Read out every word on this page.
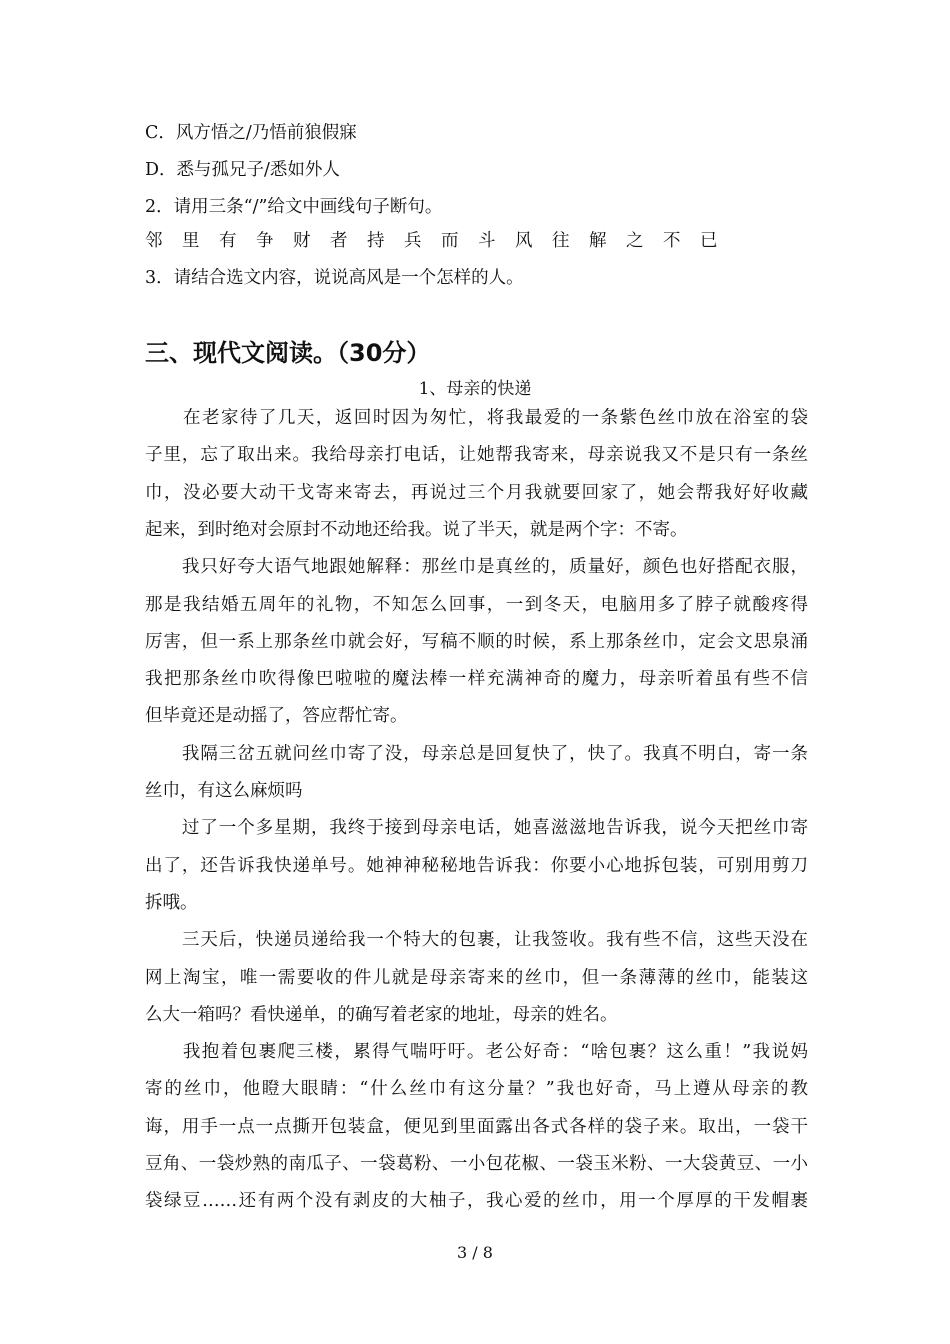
C．风方悟之/乃悟前狼假寐
D．悉与孤兄子/悉如外人
2．请用三条“/”给文中画线句子断句。
邻里有争财者持兵而斗风往解之不已
3．请结合选文内容，说说高风是一个怎样的人。
三、现代文阅读。（30分）
1、母亲的快递
　　在老家待了几天，返回时因为匆忙，将我最爱的一条紫色丝巾放在浴室的袋
子里，忘了取出来。我给母亲打电话，让她帮我寄来，母亲说我又不是只有一条丝
巾，没必要大动干戈寄来寄去，再说过三个月我就要回家了，她会帮我好好收藏
起来，到时绝对会原封不动地还给我。说了半天，就是两个字：不寄。
　　我只好夸大语气地跟她解释：那丝巾是真丝的，质量好，颜色也好搭配衣服，
那是我结婚五周年的礼物，不知怎么回事，一到冬天，电脑用多了脖子就酸疼得
厉害，但一系上那条丝巾就会好，写稿不顺的时候，系上那条丝巾，定会文思泉涌
我把那条丝巾吹得像巴啦啦的魔法棒一样充满神奇的魔力，母亲听着虽有些不信
但毕竟还是动摇了，答应帮忙寄。
　　我隔三岔五就问丝巾寄了没，母亲总是回复快了，快了。我真不明白，寄一条
丝巾，有这么麻烦吗
　　过了一个多星期，我终于接到母亲电话，她喜滋滋地告诉我，说今天把丝巾寄
出了，还告诉我快递单号。她神神秘秘地告诉我：你要小心地拆包装，可别用剪刀
拆哦。
　　三天后，快递员递给我一个特大的包裹，让我签收。我有些不信，这些天没在
网上淘宝，唯一需要收的件儿就是母亲寄来的丝巾，但一条薄薄的丝巾，能装这
么大一箱吗？看快递单，的确写着老家的地址，母亲的姓名。
　　我抱着包裹爬三楼，累得气喘吁吁。老公好奇：“啥包裹？这么重！”我说妈
寄的丝巾，他瞪大眼睛：“什么丝巾有这分量？”我也好奇，马上遵从母亲的教
诲，用手一点一点撕开包装盒，便见到里面露出各式各样的袋子来。取出，一袋干
豆角、一袋炒熟的南瓜子、一袋葛粉、一小包花椒、一袋玉米粉、一大袋黄豆、一小
袋绿豆……还有两个没有剥皮的大柚子，我心爱的丝巾，用一个厚厚的干发帽裹
3 / 8
